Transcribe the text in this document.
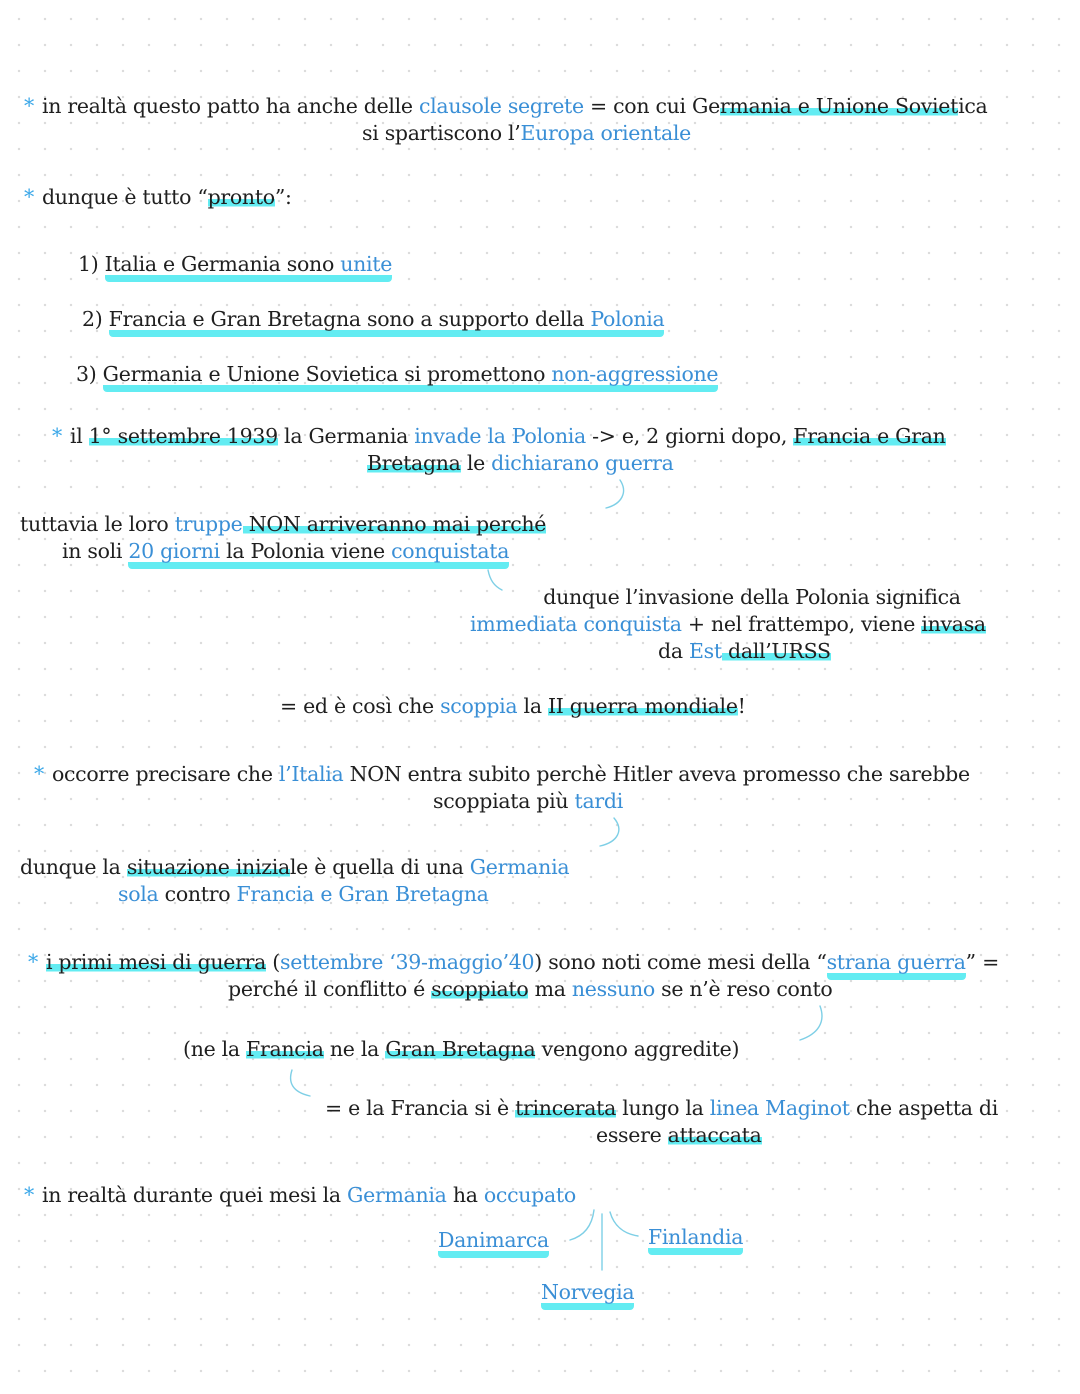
* in realtà questo patto ha anche delle clausole segrete = con cui Germania e Unione Sovietica
si spartiscono l’Europa orientale
* dunque è tutto “pronto”:
1) Italia e Germania sono unite
2) Francia e Gran Bretagna sono a supporto della Polonia
3) Germania e Unione Sovietica si promettono non-aggressione
* il 1° settembre 1939 la Germania invade la Polonia -> e, 2 giorni dopo, Francia e Gran
Bretagna le dichiarano guerra
tuttavia le loro truppe NON arriveranno mai perché
in soli 20 giorni la Polonia viene conquistata
dunque l’invasione della Polonia significa
immediata conquista + nel frattempo, viene invasa
da Est dall’URSS
= ed è così che scoppia la II guerra mondiale!
* occorre precisare che l’Italia NON entra subito perchè Hitler aveva promesso che sarebbe
scoppiata più tardi
dunque la situazione iniziale è quella di una Germania
sola contro Francia e Gran Bretagna
* i primi mesi di guerra (settembre ‘39-maggio’40) sono noti come mesi della “strana guerra” =
perché il conflitto é scoppiato ma nessuno se n’è reso conto
(ne la Francia ne la Gran Bretagna vengono aggredite)
= e la Francia si è trincerata lungo la linea Maginot che aspetta di
essere attaccata
* in realtà durante quei mesi la Germania ha occupato
Danimarca	Finlandia
Norvegia
